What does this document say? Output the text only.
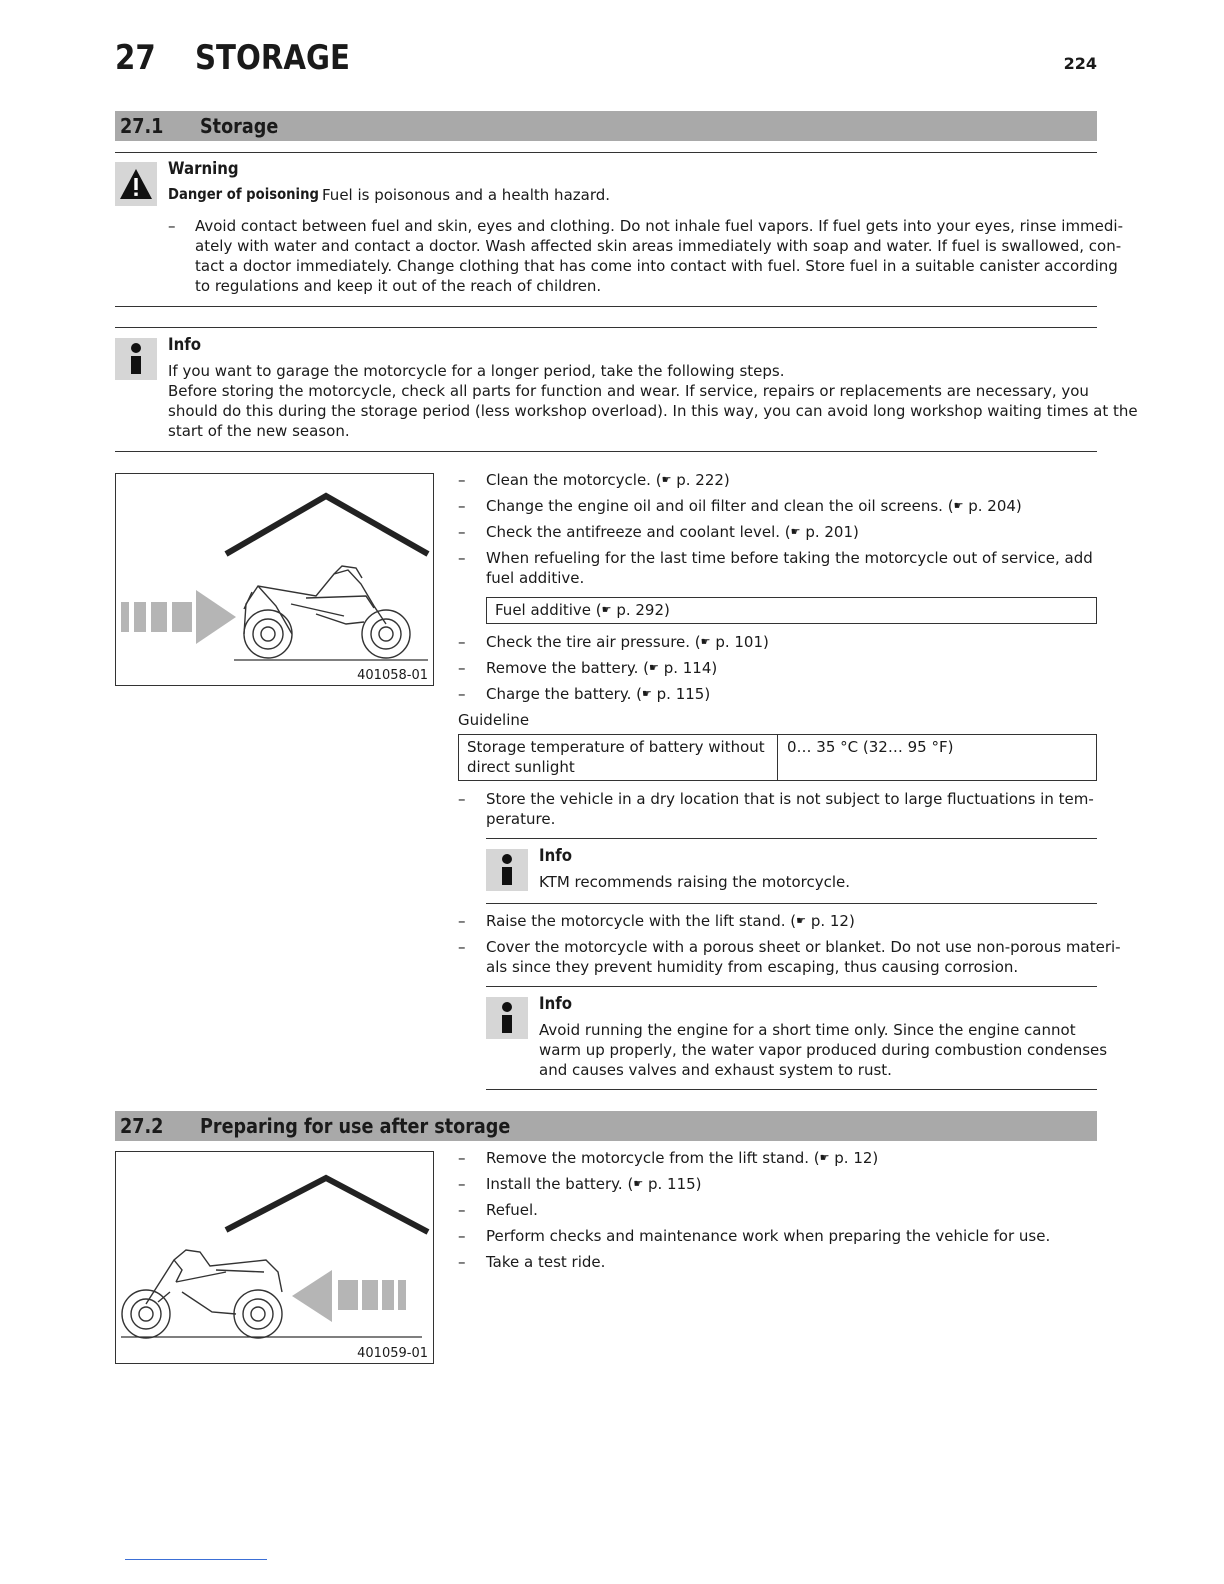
27 STORAGE	224
27.1 Storage
Warning
Danger of poisoning Fuel is poisonous and a health hazard.
– Avoid contact between fuel and skin, eyes and clothing. Do not inhale fuel vapors. If fuel gets into your eyes, rinse immedi-
ately with water and contact a doctor. Wash affected skin areas immediately with soap and water. If fuel is swallowed, con-
tact a doctor immediately. Change clothing that has come into contact with fuel. Store fuel in a suitable canister according
to regulations and keep it out of the reach of children.
Info
If you want to garage the motorcycle for a longer period, take the following steps.
Before storing the motorcycle, check all parts for function and wear. If service, repairs or replacements are necessary, you
should do this during the storage period (less workshop overload). In this way, you can avoid long workshop waiting times at the
start of the new season.
401058-01
– Clean the motorcycle. (☛ p. 222)
– Change the engine oil and oil filter and clean the oil screens. (☛ p. 204)
– Check the antifreeze and coolant level. (☛ p. 201)
– When refueling for the last time before taking the motorcycle out of service, add
fuel additive.
Fuel additive (☛ p. 292)
– Check the tire air pressure. (☛ p. 101)
– Remove the battery. (☛ p. 114)
– Charge the battery. (☛ p. 115)
Guideline
Storage temperature of battery without
direct sunlight
0… 35 °C (32… 95 °F)
– Store the vehicle in a dry location that is not subject to large fluctuations in tem-
perature.
Info
KTM recommends raising the motorcycle.
– Raise the motorcycle with the lift stand. (☛ p. 12)
– Cover the motorcycle with a porous sheet or blanket. Do not use non-porous materi-
als since they prevent humidity from escaping, thus causing corrosion.
Info
Avoid running the engine for a short time only. Since the engine cannot
warm up properly, the water vapor produced during combustion condenses
and causes valves and exhaust system to rust.
27.2 Preparing for use after storage
401059-01
– Remove the motorcycle from the lift stand. (☛ p. 12)
– Install the battery. (☛ p. 115)
– Refuel.
– Perform checks and maintenance work when preparing the vehicle for use.
– Take a test ride.
